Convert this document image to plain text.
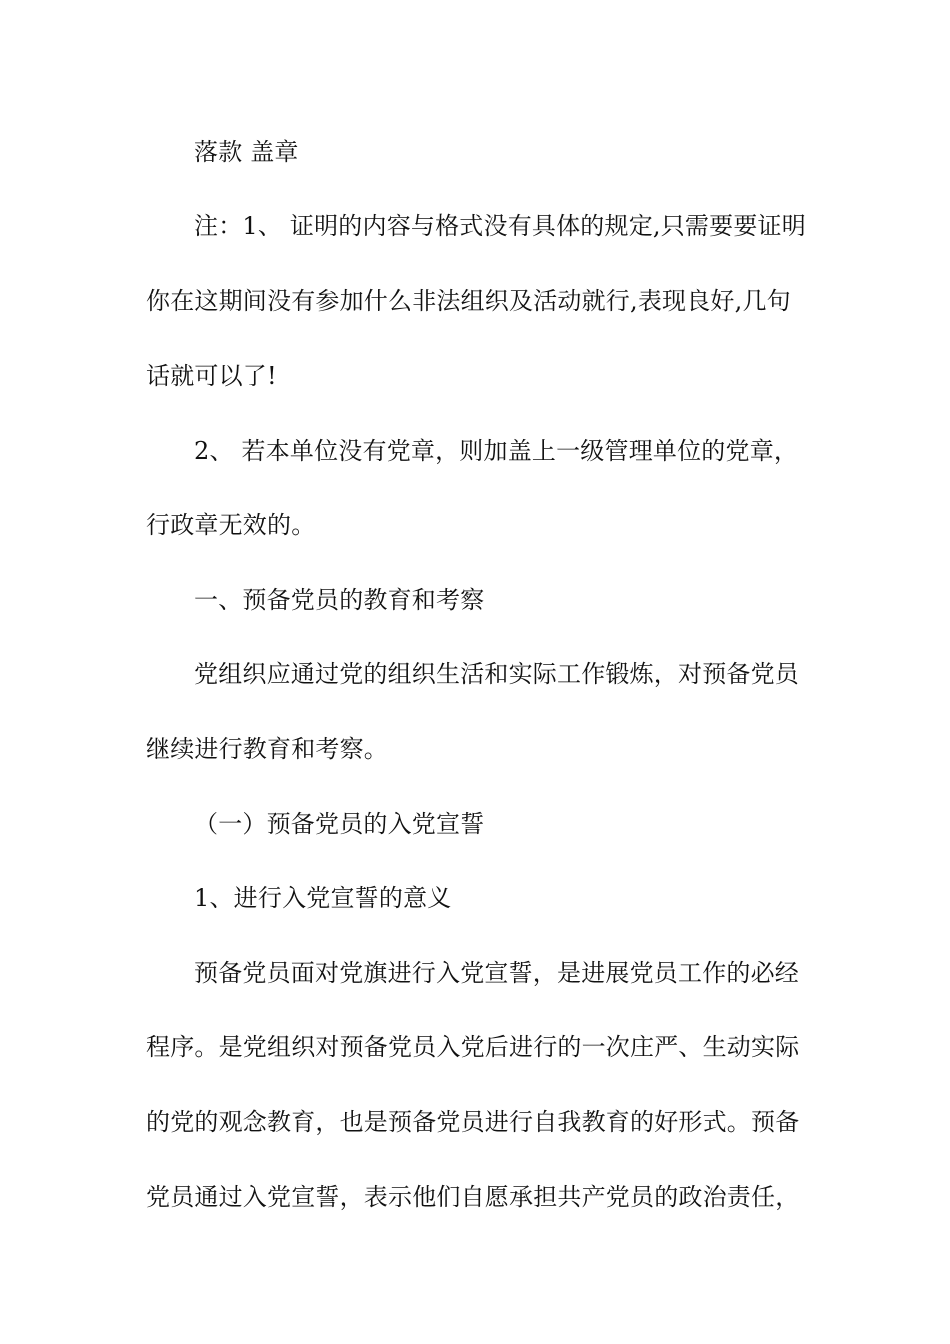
落款 盖章
注：1、 证明的内容与格式没有具体的规定,只需要要证明
你在这期间没有参加什么非法组织及活动就行,表现良好,几句
话就可以了!
2、 若本单位没有党章，则加盖上一级管理单位的党章，
行政章无效的。
一、预备党员的教育和考察
党组织应通过党的组织生活和实际工作锻炼，对预备党员
继续进行教育和考察。
（一）预备党员的入党宣誓
1、进行入党宣誓的意义
预备党员面对党旗进行入党宣誓，是进展党员工作的必经
程序。是党组织对预备党员入党后进行的一次庄严、生动实际
的党的观念教育，也是预备党员进行自我教育的好形式。预备
党员通过入党宣誓，表示他们自愿承担共产党员的政治责任，
